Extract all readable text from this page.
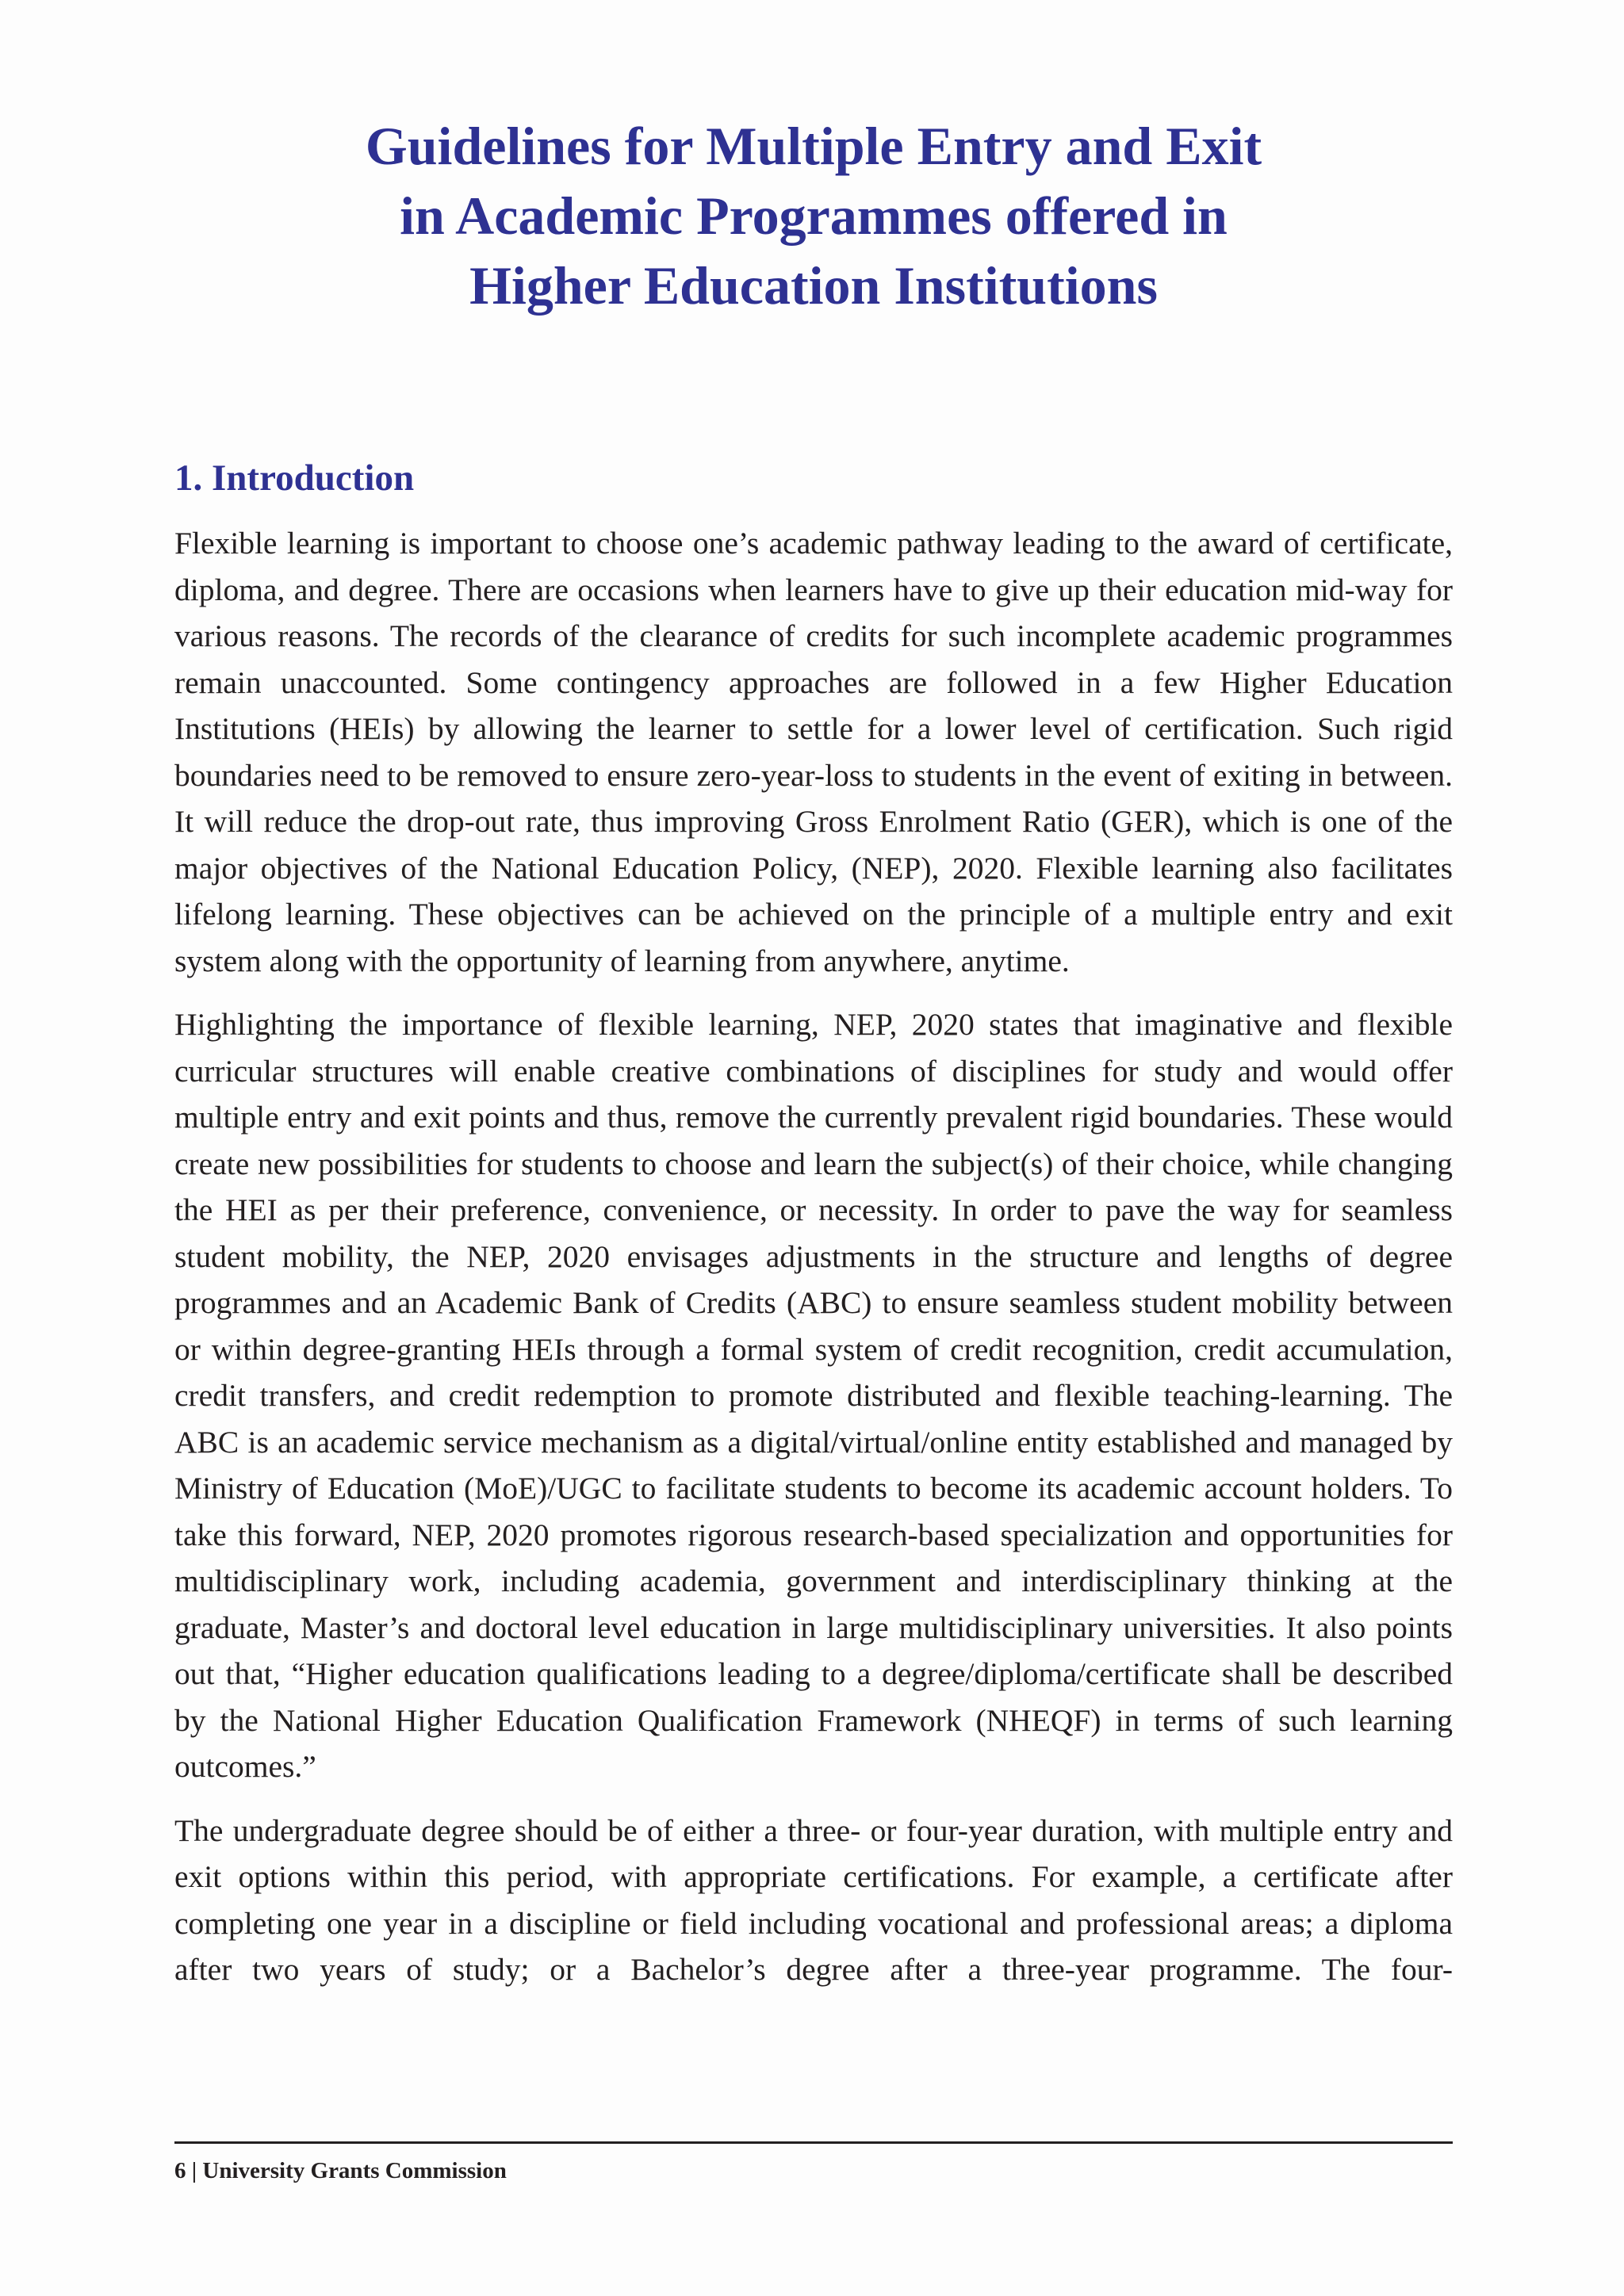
Guidelines for Multiple Entry and Exit
in Academic Programmes offered in
Higher Education Institutions
1. Introduction

Flexible learning is important to choose one’s academic pathway leading to the award of certificate, diploma, and degree. There are occasions when learners have to give up their education mid-way for various reasons. The records of the clearance of credits for such incomplete academic programmes remain unaccounted. Some contingency approaches are followed in a few Higher Education Institutions (HEIs) by allowing the learner to settle for a lower level of certification. Such rigid boundaries need to be removed to ensure zero-year-loss to students in the event of exiting in between. It will reduce the drop-out rate, thus improving Gross Enrolment Ratio (GER), which is one of the major objectives of the National Education Policy, (NEP), 2020. Flexible learning also facilitates lifelong learning. These objectives can be achieved on the principle of a multiple entry and exit system along with the opportunity of learning from anywhere, anytime.

Highlighting the importance of flexible learning, NEP, 2020 states that imaginative and flexible curricular structures will enable creative combinations of disciplines for study and would offer multiple entry and exit points and thus, remove the currently prevalent rigid boundaries. These would create new possibilities for students to choose and learn the subject(s) of their choice, while changing the HEI as per their preference, convenience, or necessity. In order to pave the way for seamless student mobility, the NEP, 2020 envisages adjustments in the structure and lengths of degree programmes and an Academic Bank of Credits (ABC) to ensure seamless student mobility between or within degree-granting HEIs through a formal system of credit recognition, credit accumulation, credit transfers, and credit redemption to promote distributed and flexible teaching-learning. The ABC is an academic service mechanism as a digital/virtual/online entity established and managed by Ministry of Education (MoE)/UGC to facilitate students to become its academic account holders. To take this forward, NEP, 2020 promotes rigorous research-based specialization and opportunities for multidisciplinary work, including academia, government and interdisciplinary thinking at the graduate, Master’s and doctoral level education in large multidisciplinary universities. It also points out that, “Higher education qualifications leading to a degree/diploma/certificate shall be described by the National Higher Education Qualification Framework (NHEQF) in terms of such learning outcomes.”

The undergraduate degree should be of either a three- or four-year duration, with multiple entry and exit options within this period, with appropriate certifications. For example, a certificate after completing one year in a discipline or field including vocational and professional areas; a diploma after two years of study; or a Bachelor’s degree after a three-year programme. The four-

6 | University Grants Commission
